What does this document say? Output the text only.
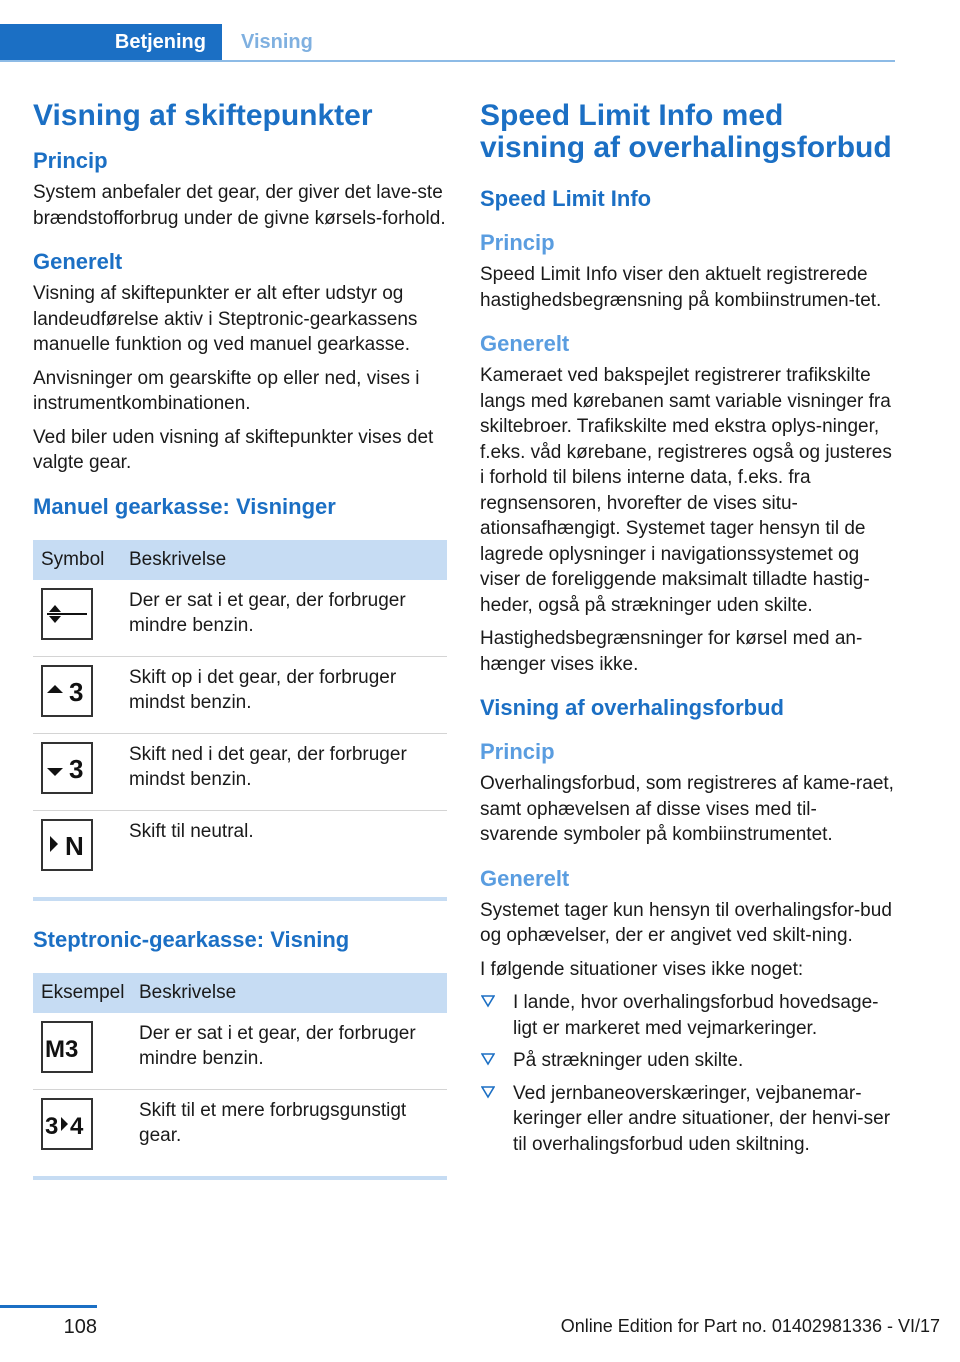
Betjening Visning
Visning af skiftepunkter
Princip

System anbefaler det gear, der giver det lave-ste brændstofforbrug under de givne kørsels-forhold.

Generelt

Visning af skiftepunkter er alt efter udstyr og landeudførelse aktiv i Steptronic-gearkassens manuelle funktion og ved manuel gearkasse.

Anvisninger om gearskifte op eller ned, vises i instrumentkombinationen.

Ved biler uden visning af skiftepunkter vises det valgte gear.

Manuel gearkasse: Visninger
Symbol	Beskrivelse

	Der er sat i et gear, der forbruger mindre benzin.

3	Skift op i det gear, der forbruger mindst benzin.

3	Skift ned i det gear, der forbruger mindst benzin.

N	Skift til neutral.
Steptronic-gearkasse: Visning
Eksempel	Beskrivelse

M3	Der er sat i et gear, der forbruger mindre benzin.

3 4	Skift til et mere forbrugsgunstigt gear.
Speed Limit Info med visning af overhalingsforbud
Speed Limit Info
Princip

Speed Limit Info viser den aktuelt registrerede hastighedsbegrænsning på kombiinstrumen-tet.

Generelt

Kameraet ved bakspejlet registrerer trafikskilte langs med kørebanen samt variable visninger fra skiltebroer. Trafikskilte med ekstra oplys-ninger, f.eks. våd kørebane, registreres også og justeres i forhold til bilens interne data, f.eks. fra regnsensoren, hvorefter de vises situ-ationsafhængigt. Systemet tager hensyn til de lagrede oplysninger i navigationssystemet og viser de foreliggende maksimalt tilladte hastig-heder, også på strækninger uden skilte.

Hastighedsbegrænsninger for kørsel med an-hænger vises ikke.

Visning af overhalingsforbud
Princip

Overhalingsforbud, som registreres af kame-raet, samt ophævelsen af disse vises med til-svarende symboler på kombiinstrumentet.

Generelt

Systemet tager kun hensyn til overhalingsfor-bud og ophævelser, der er angivet ved skilt-ning.

I følgende situationer vises ikke noget:

I lande, hvor overhalingsforbud hovedsage-ligt er markeret med vejmarkeringer.
På strækninger uden skilte.
Ved jernbaneoverskæringer, vejbanemar-keringer eller andre situationer, der henvi-ser til overhalingsforbud uden skiltning.
108	Online Edition for Part no. 01402981336 - VI/17
